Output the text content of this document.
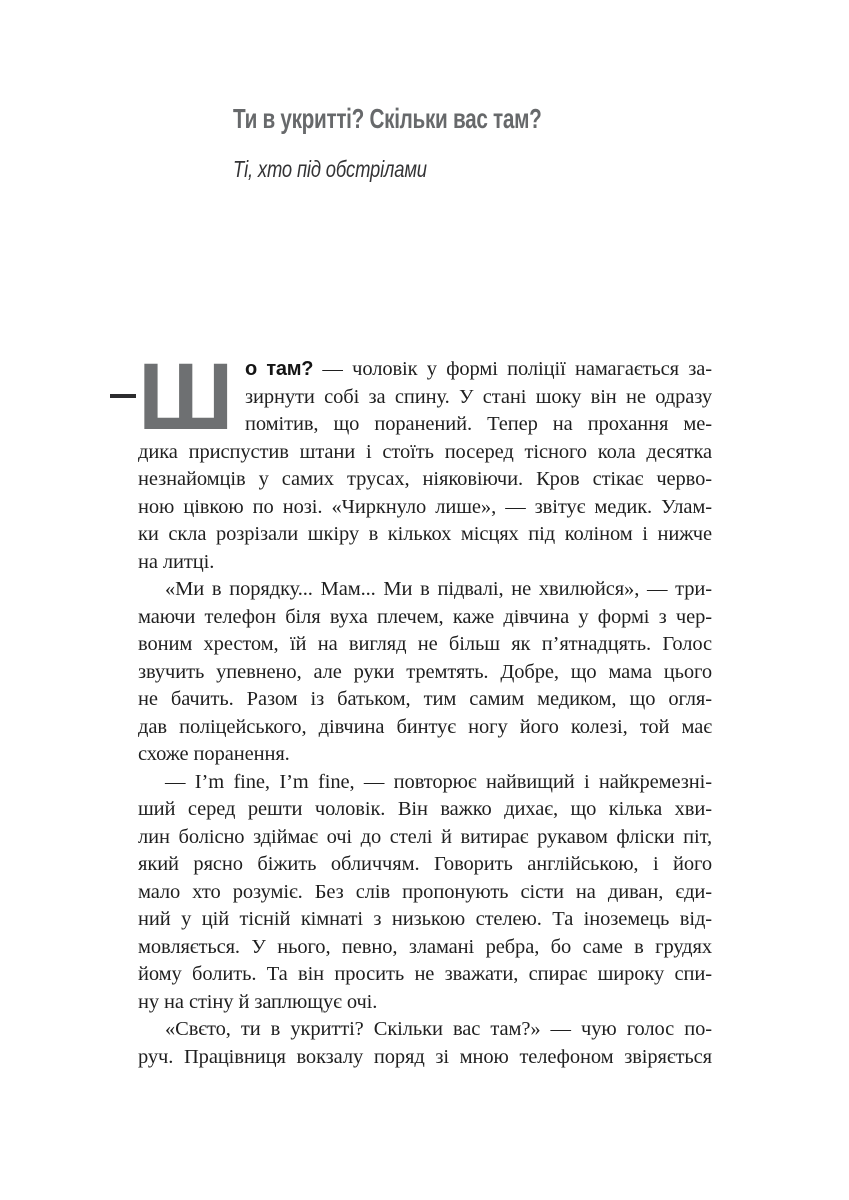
Ти в укритті? Скільки вас там?
Ті, хто під обстрілами
Ш о там? — чоловік у формі поліції намагається за-
зирнути собі за спину. У стані шоку він не одразу
помітив, що поранений. Тепер на прохання ме-
дика приспустив штани і стоїть посеред тісного кола десятка
незнайомців у самих трусах, ніяковіючи. Кров стікає черво-
ною цівкою по нозі. «Чиркнуло лише», — звітує медик. Улам-
ки скла розрізали шкіру в кількох місцях під коліном і нижче
на литці.
«Ми в порядку... Мам... Ми в підвалі, не хвилюйся», — три-
маючи телефон біля вуха плечем, каже дівчина у формі з чер-
воним хрестом, їй на вигляд не більш як п’ятнадцять. Голос
звучить упевнено, але руки тремтять. Добре, що мама цього
не бачить. Разом із батьком, тим самим медиком, що огля-
дав поліцейського, дівчина бинтує ногу його колезі, той має
схоже поранення.
— I’m fine, I’m fine, — повторює найвищий і найкремезні-
ший серед решти чоловік. Він важко дихає, що кілька хви-
лин болісно здіймає очі до стелі й витирає рукавом фліски піт,
який рясно біжить обличчям. Говорить англійською, і його
мало хто розуміє. Без слів пропонують сісти на диван, єди-
ний у цій тісній кімнаті з низькою стелею. Та іноземець від-
мовляється. У нього, певно, зламані ребра, бо саме в грудях
йому болить. Та він просить не зважати, спирає широку спи-
ну на стіну й заплющує очі.
«Свєто, ти в укритті? Скільки вас там?» — чую голос по-
руч. Працівниця вокзалу поряд зі мною телефоном звіряється
